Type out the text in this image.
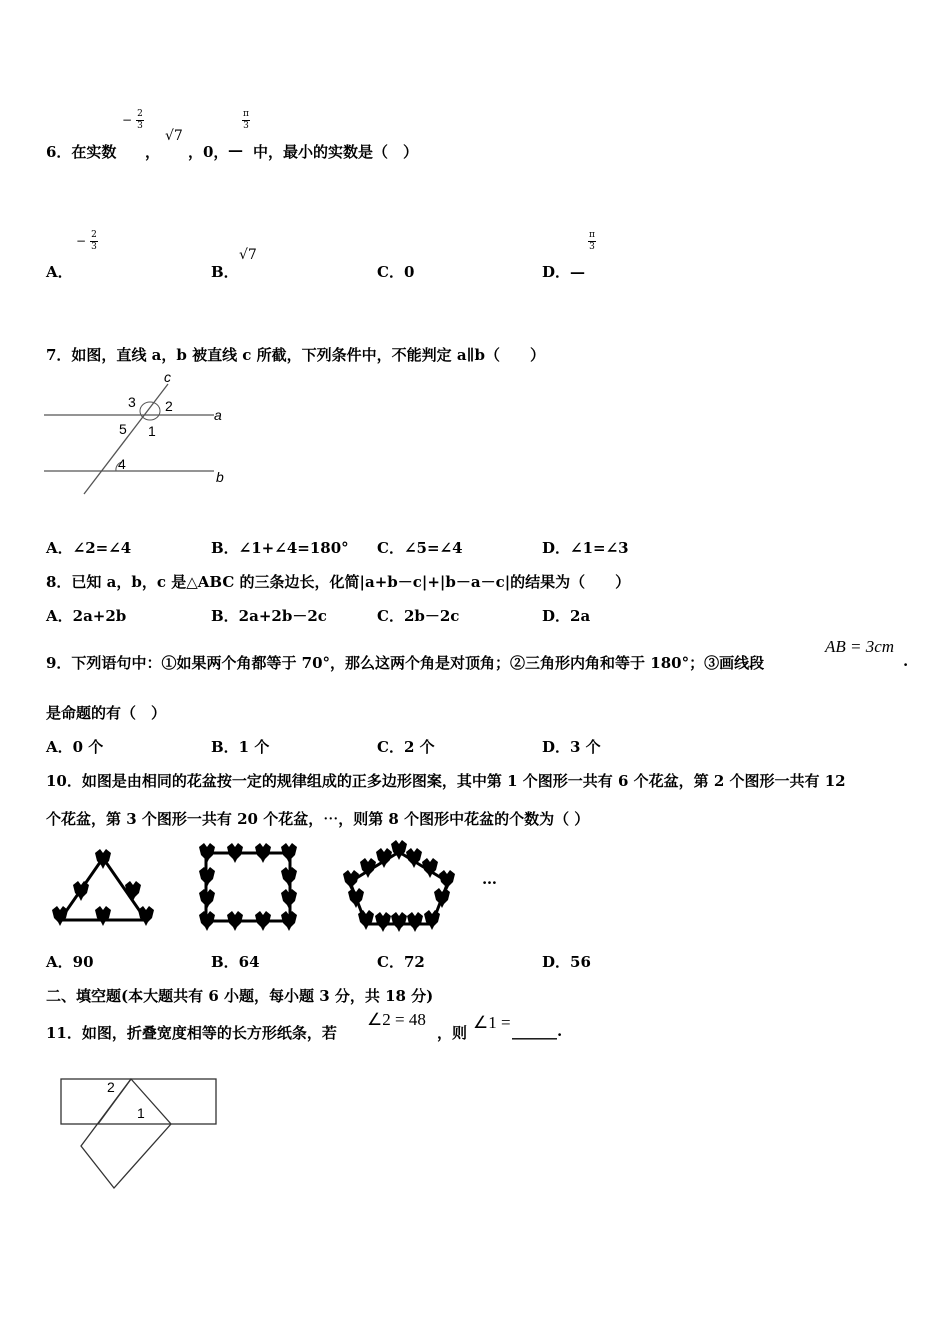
6．在实数
− 2
3
，
√7
，0，
π
3
— 中，最小的实数是（　）
A．
− 2
3
B．
√7
C．0	D．—
π
3
7．如图，直线 a，b 被直线 c 所截，下列条件中，不能判定 a∥b（　　）
c
3 2
a
5 1
4
b
A．∠2=∠4	B．∠1+∠4=180° C．∠5=∠4	D．∠1=∠3
8．已知 a，b，c 是△ABC 的三条边长，化简|a+b－c|+|b－a－c|的结果为（　　）
A．2a+2b	B．2a+2b－2c	C．2b－2c	D．2a
9．下列语句中：①如果两个角都等于 70°，那么这两个角是对顶角；②三角形内角和等于 180°；③画线段
AB = 3cm
.
是命题的有（　）
A．0 个	B．1 个	C．2 个	D．3 个
10．如图是由相同的花盆按一定的规律组成的正多边形图案，其中第 1 个图形一共有 6 个花盆，第 2 个图形一共有 12
个花盆，第 3 个图形一共有 20 个花盆，⋯，则第 8 个图形中花盆的个数为（ ）
…
A．90	B．64	C．72	D．56
二、填空题(本大题共有 6 小题，每小题 3 分，共 18 分)
11．如图，折叠宽度相等的长方形纸条，若
∠2 = 48
，则
∠1 = ______.
2
1
